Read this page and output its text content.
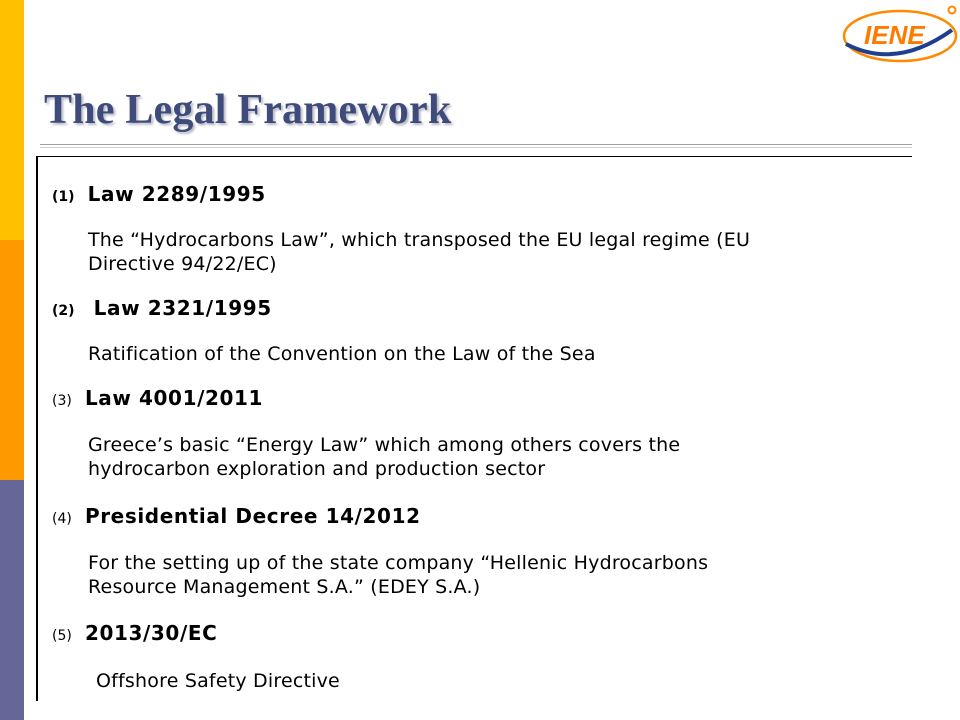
IENE
The Legal Framework
(1) Law 2289/1995
The “Hydrocarbons Law”, which transposed the EU legal regime (EU
Directive 94/22/EC)
(2) Law 2321/1995
Ratification of the Convention on the Law of the Sea
(3) Law 4001/2011
Greece’s basic “Energy Law” which among others covers the
hydrocarbon exploration and production sector
(4) Presidential Decree 14/2012
For the setting up of the state company “Hellenic Hydrocarbons
Resource Management S.A.” (EDEY S.A.)
(5) 2013/30/EC
Offshore Safety Directive
